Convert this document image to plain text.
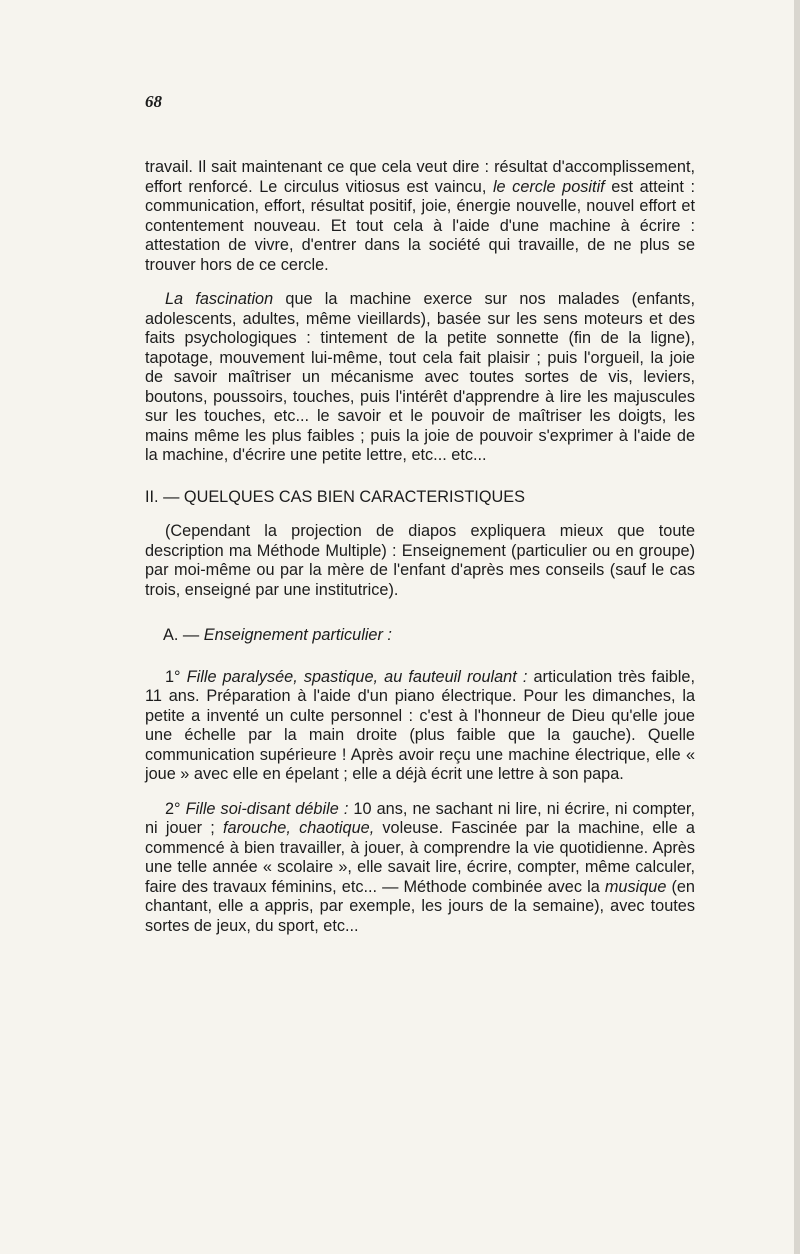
68

travail. Il sait maintenant ce que cela veut dire : résultat d'accomplissement, effort renforcé. Le circulus vitiosus est vaincu, le cercle positif est atteint : communication, effort, résultat positif, joie, énergie nouvelle, nouvel effort et contentement nouveau. Et tout cela à l'aide d'une machine à écrire : attestation de vivre, d'entrer dans la société qui travaille, de ne plus se trouver hors de ce cercle.

La fascination que la machine exerce sur nos malades (enfants, adolescents, adultes, même vieillards), basée sur les sens moteurs et des faits psychologiques : tintement de la petite sonnette (fin de la ligne), tapotage, mouvement lui-même, tout cela fait plaisir ; puis l'orgueil, la joie de savoir maîtriser un mécanisme avec toutes sortes de vis, leviers, boutons, poussoirs, touches, puis l'intérêt d'apprendre à lire les majuscules sur les touches, etc... le savoir et le pouvoir de maîtriser les doigts, les mains même les plus faibles ; puis la joie de pouvoir s'exprimer à l'aide de la machine, d'écrire une petite lettre, etc... etc...

II. — QUELQUES CAS BIEN CARACTERISTIQUES

(Cependant la projection de diapos expliquera mieux que toute description ma Méthode Multiple) : Enseignement (particulier ou en groupe) par moi-même ou par la mère de l'enfant d'après mes conseils (sauf le cas trois, enseigné par une institutrice).

A. — Enseignement particulier :

1° Fille paralysée, spastique, au fauteuil roulant : articulation très faible, 11 ans. Préparation à l'aide d'un piano électrique. Pour les dimanches, la petite a inventé un culte personnel : c'est à l'honneur de Dieu qu'elle joue une échelle par la main droite (plus faible que la gauche). Quelle communication supérieure ! Après avoir reçu une machine électrique, elle « joue » avec elle en épelant ; elle a déjà écrit une lettre à son papa.

2° Fille soi-disant débile : 10 ans, ne sachant ni lire, ni écrire, ni compter, ni jouer ; farouche, chaotique, voleuse. Fascinée par la machine, elle a commencé à bien travailler, à jouer, à comprendre la vie quotidienne. Après une telle année « scolaire », elle savait lire, écrire, compter, même calculer, faire des travaux féminins, etc... — Méthode combinée avec la musique (en chantant, elle a appris, par exemple, les jours de la semaine), avec toutes sortes de jeux, du sport, etc...
